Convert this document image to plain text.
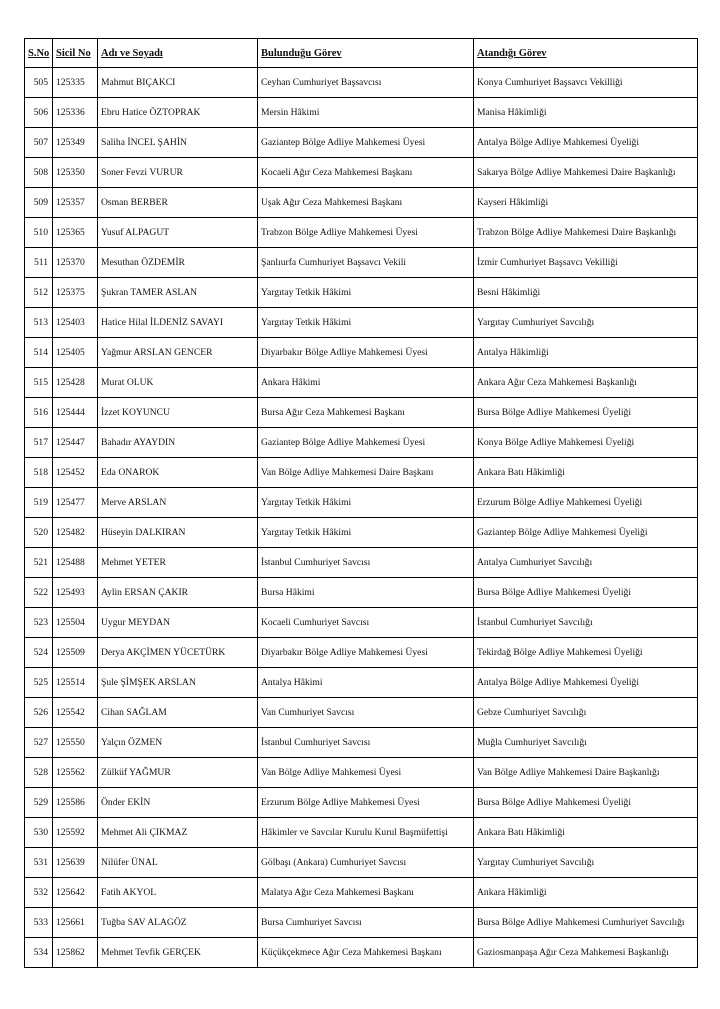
S.No	Sicil No	Adı ve Soyadı	Bulunduğu Görev	Atandığı Görev
505	125335	Mahmut BIÇAKCI	Ceyhan Cumhuriyet Başsavcısı	Konya Cumhuriyet Başsavcı Vekilliği
506	125336	Ebru Hatice ÖZTOPRAK	Mersin Hâkimi	Manisa Hâkimliği
507	125349	Saliha İNCEL ŞAHİN	Gaziantep Bölge Adliye Mahkemesi Üyesi	Antalya Bölge Adliye Mahkemesi Üyeliği
508	125350	Soner Fevzi VURUR	Kocaeli Ağır Ceza Mahkemesi Başkanı	Sakarya Bölge Adliye Mahkemesi Daire Başkanlığı
509	125357	Osman BERBER	Uşak Ağır Ceza Mahkemesi Başkanı	Kayseri Hâkimliği
510	125365	Yusuf ALPAGUT	Trabzon Bölge Adliye Mahkemesi Üyesi	Trabzon Bölge Adliye Mahkemesi Daire Başkanlığı
511	125370	Mesuthan ÖZDEMİR	Şanlıurfa Cumhuriyet Başsavcı Vekili	İzmir Cumhuriyet Başsavcı Vekilliği
512	125375	Şukran TAMER ASLAN	Yargıtay Tetkik Hâkimi	Besni Hâkimliği
513	125403	Hatice Hilal İLDENİZ SAVAYI	Yargıtay Tetkik Hâkimi	Yargıtay Cumhuriyet Savcılığı
514	125405	Yağmur ARSLAN GENCER	Diyarbakır Bölge Adliye Mahkemesi Üyesi	Antalya Hâkimliği
515	125428	Murat OLUK	Ankara Hâkimi	Ankara Ağır Ceza Mahkemesi Başkanlığı
516	125444	İzzet KOYUNCU	Bursa Ağır Ceza Mahkemesi Başkanı	Bursa Bölge Adliye Mahkemesi Üyeliği
517	125447	Bahadır AYAYDIN	Gaziantep Bölge Adliye Mahkemesi Üyesi	Konya Bölge Adliye Mahkemesi Üyeliği
518	125452	Eda ONAROK	Van Bölge Adliye Mahkemesi Daire Başkanı	Ankara Batı Hâkimliği
519	125477	Merve ARSLAN	Yargıtay Tetkik Hâkimi	Erzurum Bölge Adliye Mahkemesi Üyeliği
520	125482	Hüseyin DALKIRAN	Yargıtay Tetkik Hâkimi	Gaziantep Bölge Adliye Mahkemesi Üyeliği
521	125488	Mehmet YETER	İstanbul Cumhuriyet Savcısı	Antalya Cumhuriyet Savcılığı
522	125493	Aylin ERSAN ÇAKIR	Bursa Hâkimi	Bursa Bölge Adliye Mahkemesi Üyeliği
523	125504	Uygur MEYDAN	Kocaeli Cumhuriyet Savcısı	İstanbul Cumhuriyet Savcılığı
524	125509	Derya AKÇİMEN YÜCETÜRK	Diyarbakır Bölge Adliye Mahkemesi Üyesi	Tekirdağ Bölge Adliye Mahkemesi Üyeliği
525	125514	Şule ŞİMŞEK ARSLAN	Antalya Hâkimi	Antalya Bölge Adliye Mahkemesi Üyeliği
526	125542	Cihan SAĞLAM	Van Cumhuriyet Savcısı	Gebze Cumhuriyet Savcılığı
527	125550	Yalçın ÖZMEN	İstanbul Cumhuriyet Savcısı	Muğla Cumhuriyet Savcılığı
528	125562	Zülküf YAĞMUR	Van Bölge Adliye Mahkemesi Üyesi	Van Bölge Adliye Mahkemesi Daire Başkanlığı
529	125586	Önder EKİN	Erzurum Bölge Adliye Mahkemesi Üyesi	Bursa Bölge Adliye Mahkemesi Üyeliği
530	125592	Mehmet Ali ÇIKMAZ	Hâkimler ve Savcılar Kurulu Kurul Başmüfettişi	Ankara Batı Hâkimliği
531	125639	Nilüfer ÜNAL	Gölbaşı (Ankara) Cumhuriyet Savcısı	Yargıtay Cumhuriyet Savcılığı
532	125642	Fatih AKYOL	Malatya Ağır Ceza Mahkemesi Başkanı	Ankara Hâkimliği
533	125661	Tuğba SAV ALAGÖZ	Bursa Cumhuriyet Savcısı	Bursa Bölge Adliye Mahkemesi Cumhuriyet Savcılığı
534	125862	Mehmet Tevfik GERÇEK	Küçükçekmece Ağır Ceza Mahkemesi Başkanı	Gaziosmanpaşa Ağır Ceza Mahkemesi Başkanlığı
